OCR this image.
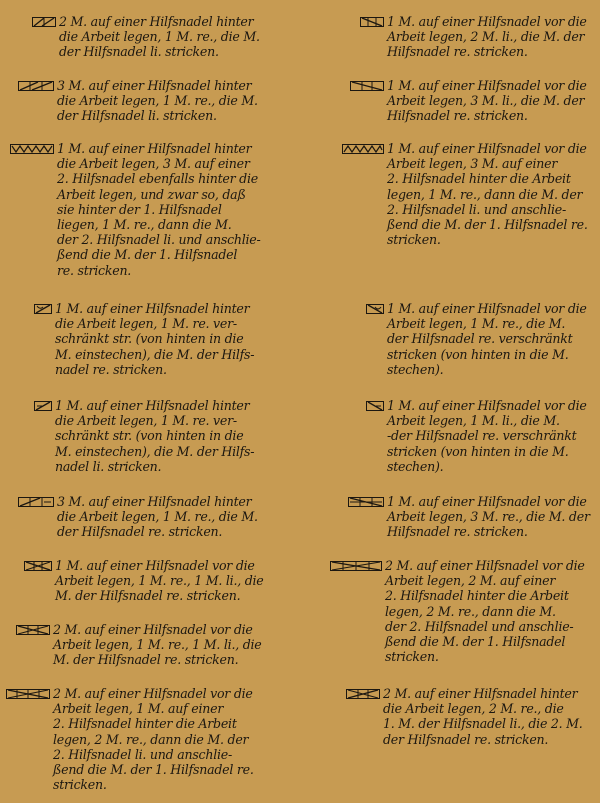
2 M. auf einer Hilfsnadel hinter
die Arbeit legen, 1 M. re., die M.
der Hilfsnadel li. stricken.
3 M. auf einer Hilfsnadel hinter
die Arbeit legen, 1 M. re., die M.
der Hilfsnadel li. stricken.
1 M. auf einer Hilfsnadel hinter
die Arbeit legen, 3 M. auf einer
2. Hilfsnadel ebenfalls hinter die
Arbeit legen, und zwar so, daß
sie hinter der 1. Hilfsnadel
liegen, 1 M. re., dann die M.
der 2. Hilfsnadel li. und anschlie-
ßend die M. der 1. Hilfsnadel
re. stricken.
1 M. auf einer Hilfsnadel hinter
die Arbeit legen, 1 M. re. ver-
schränkt str. (von hinten in die
M. einstechen), die M. der Hilfs-
nadel re. stricken.
1 M. auf einer Hilfsnadel hinter
die Arbeit legen, 1 M. re. ver-
schränkt str. (von hinten in die
M. einstechen), die M. der Hilfs-
nadel li. stricken.
3 M. auf einer Hilfsnadel hinter
die Arbeit legen, 1 M. re., die M.
der Hilfsnadel re. stricken.
1 M. auf einer Hilfsnadel vor die
Arbeit legen, 1 M. re., 1 M. li., die
M. der Hilfsnadel re. stricken.
2 M. auf einer Hilfsnadel vor die
Arbeit legen, 1 M. re., 1 M. li., die
M. der Hilfsnadel re. stricken.
2 M. auf einer Hilfsnadel vor die
Arbeit legen, 1 M. auf einer
2. Hilfsnadel hinter die Arbeit
legen, 2 M. re., dann die M. der
2. Hilfsnadel li. und anschlie-
ßend die M. der 1. Hilfsnadel re.
stricken.
1 M. auf einer Hilfsnadel vor die
Arbeit legen, 2 M. li., die M. der
Hilfsnadel re. stricken.
1 M. auf einer Hilfsnadel vor die
Arbeit legen, 3 M. li., die M. der
Hilfsnadel re. stricken.
1 M. auf einer Hilfsnadel vor die
Arbeit legen, 3 M. auf einer
2. Hilfsnadel hinter die Arbeit
legen, 1 M. re., dann die M. der
2. Hilfsnadel li. und anschlie-
ßend die M. der 1. Hilfsnadel re.
stricken.
1 M. auf einer Hilfsnadel vor die
Arbeit legen, 1 M. re., die M.
der Hilfsnadel re. verschränkt
stricken (von hinten in die M.
stechen).
1 M. auf einer Hilfsnadel vor die
Arbeit legen, 1 M. li., die M.
-der Hilfsnadel re. verschränkt
stricken (von hinten in die M.
stechen).
1 M. auf einer Hilfsnadel vor die
Arbeit legen, 3 M. re., die M. der
Hilfsnadel re. stricken.
2 M. auf einer Hilfsnadel vor die
Arbeit legen, 2 M. auf einer
2. Hilfsnadel hinter die Arbeit
legen, 2 M. re., dann die M.
der 2. Hilfsnadel und anschlie-
ßend die M. der 1. Hilfsnadel
stricken.
2 M. auf einer Hilfsnadel hinter
die Arbeit legen, 2 M. re., die
1. M. der Hilfsnadel li., die 2. M.
der Hilfsnadel re. stricken.
